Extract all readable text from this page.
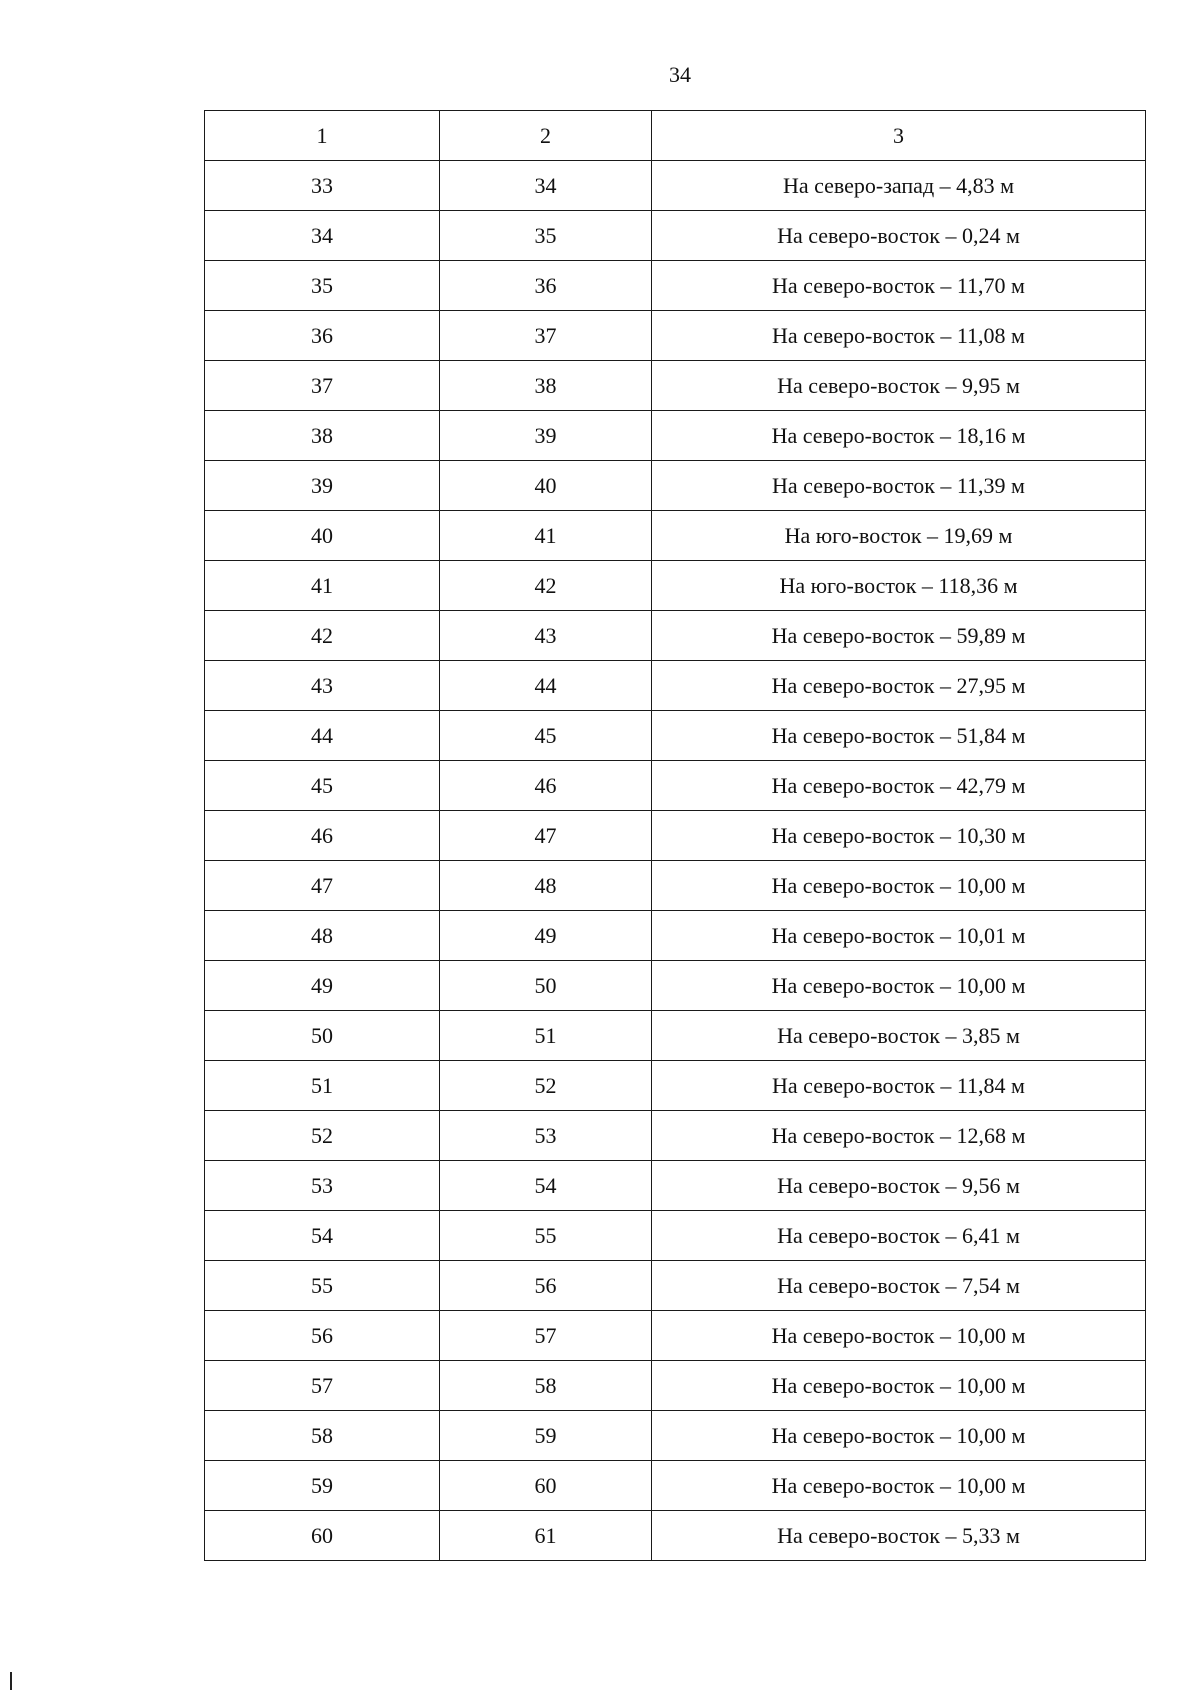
34
1	2	3
33	34	На северо-запад – 4,83 м
34	35	На северо-восток – 0,24 м
35	36	На северо-восток – 11,70 м
36	37	На северо-восток – 11,08 м
37	38	На северо-восток – 9,95 м
38	39	На северо-восток – 18,16 м
39	40	На северо-восток – 11,39 м
40	41	На юго-восток – 19,69 м
41	42	На юго-восток – 118,36 м
42	43	На северо-восток – 59,89 м
43	44	На северо-восток – 27,95 м
44	45	На северо-восток – 51,84 м
45	46	На северо-восток – 42,79 м
46	47	На северо-восток – 10,30 м
47	48	На северо-восток – 10,00 м
48	49	На северо-восток – 10,01 м
49	50	На северо-восток – 10,00 м
50	51	На северо-восток – 3,85 м
51	52	На северо-восток – 11,84 м
52	53	На северо-восток – 12,68 м
53	54	На северо-восток – 9,56 м
54	55	На северо-восток – 6,41 м
55	56	На северо-восток – 7,54 м
56	57	На северо-восток – 10,00 м
57	58	На северо-восток – 10,00 м
58	59	На северо-восток – 10,00 м
59	60	На северо-восток – 10,00 м
60	61	На северо-восток – 5,33 м
